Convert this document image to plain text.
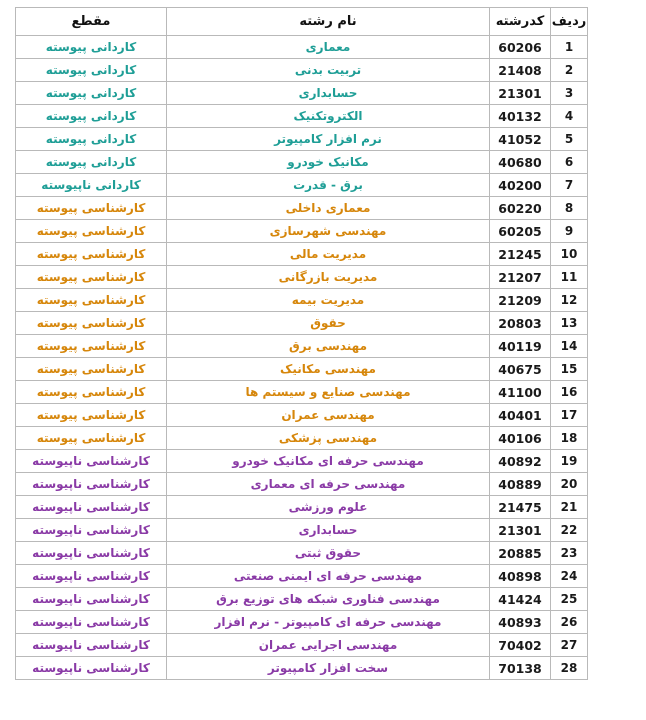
ردیف	کدرشته	نام رشته	مقطع
1	60206	معماری	کاردانی پیوسته
2	21408	تربیت بدنی	کاردانی پیوسته
3	21301	حسابداری	کاردانی پیوسته
4	40132	الکتروتکنیک	کاردانی پیوسته
5	41052	نرم افزار کامپیوتر	کاردانی پیوسته
6	40680	مکانیک خودرو	کاردانی پیوسته
7	40200	برق - قدرت	کاردانی ناپیوسته
8	60220	معماری داخلی	کارشناسی پیوسته
9	60205	مهندسی شهرسازی	کارشناسی پیوسته
10	21245	مدیریت مالی	کارشناسی پیوسته
11	21207	مدیریت بازرگانی	کارشناسی پیوسته
12	21209	مدیریت بیمه	کارشناسی پیوسته
13	20803	حقوق	کارشناسی پیوسته
14	40119	مهندسی برق	کارشناسی پیوسته
15	40675	مهندسی مکانیک	کارشناسی پیوسته
16	41100	مهندسی صنایع و سیستم ها	کارشناسی پیوسته
17	40401	مهندسی عمران	کارشناسی پیوسته
18	40106	مهندسی پزشکی	کارشناسی پیوسته
19	40892	مهندسی حرفه ای مکانیک خودرو	کارشناسی ناپیوسته
20	40889	مهندسی حرفه ای معماری	کارشناسی ناپیوسته
21	21475	علوم ورزشی	کارشناسی ناپیوسته
22	21301	حسابداری	کارشناسی ناپیوسته
23	20885	حقوق ثبتی	کارشناسی ناپیوسته
24	40898	مهندسی حرفه ای ایمنی صنعتی	کارشناسی ناپیوسته
25	41424	مهندسی فناوری شبکه های توزیع برق	کارشناسی ناپیوسته
26	40893	مهندسی حرفه ای کامپیوتر - نرم افزار	کارشناسی ناپیوسته
27	70402	مهندسی اجرایی عمران	کارشناسی ناپیوسته
28	70138	سخت افزار کامپیوتر	کارشناسی ناپیوسته
